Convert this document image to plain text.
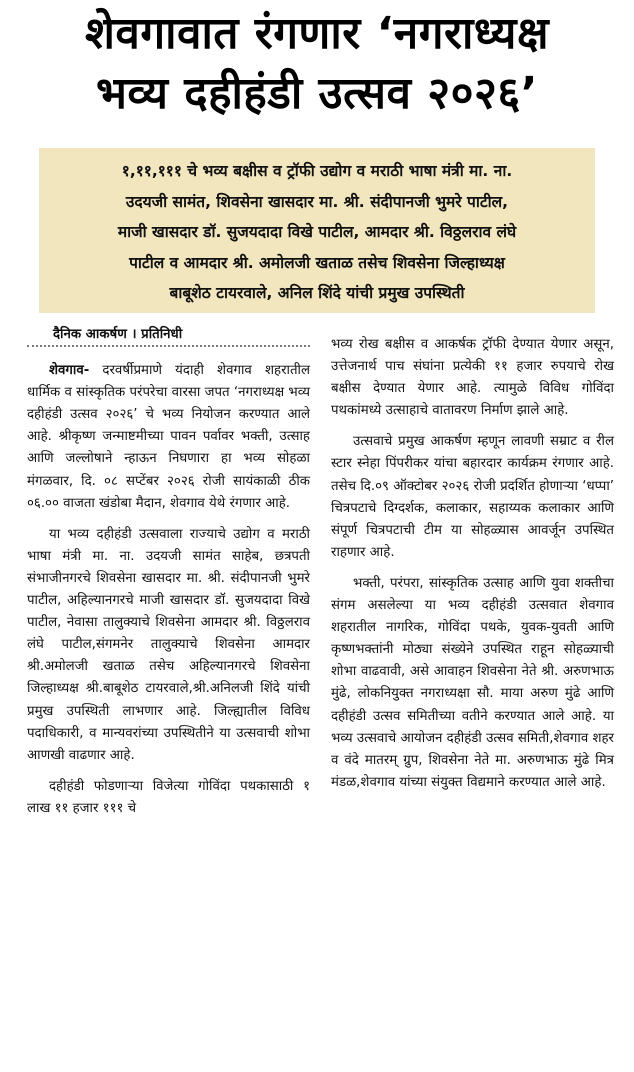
शेवगावात रंगणार ‘नगराध्यक्ष
भव्य दहीहंडी उत्सव २०२६’
१,११,१११ चे भव्य बक्षीस व ट्रॉफी उद्योग व मराठी भाषा मंत्री मा. ना.
उदयजी सामंत, शिवसेना खासदार मा. श्री. संदीपानजी भुमरे पाटील,
माजी खासदार डॉ. सुजयदादा विखे पाटील, आमदार श्री. विठ्ठलराव लंघे
पाटील व आमदार श्री. अमोलजी खताळ तसेच शिवसेना जिल्हाध्यक्ष
बाबूशेठ टायरवाले, अनिल शिंदे यांची प्रमुख उपस्थिती

दैनिक आकर्षण । प्रतिनिधी

शेवगाव- दरवर्षीप्रमाणे यंदाही शेवगाव शहरातील धार्मिक व सांस्कृतिक परंपरेचा वारसा जपत ‘नगराध्यक्ष भव्य दहीहंडी उत्सव २०२६’ चे भव्य नियोजन करण्यात आले आहे. श्रीकृष्ण जन्माष्टमीच्या पावन पर्वावर भक्ती, उत्साह आणि जल्लोषाने न्हाऊन निघणारा हा भव्य सोहळा मंगळवार, दि. ०८ सप्टेंबर २०२६ रोजी सायंकाळी ठीक ०६.०० वाजता खंडोबा मैदान, शेवगाव येथे रंगणार आहे.

या भव्य दहीहंडी उत्सवाला राज्याचे उद्योग व मराठी भाषा मंत्री मा. ना. उदयजी सामंत साहेब, छत्रपती संभाजीनगरचे शिवसेना खासदार मा. श्री. संदीपानजी भुमरे पाटील, अहिल्यानगरचे माजी खासदार डॉ. सुजयदादा विखे पाटील, नेवासा तालुक्याचे शिवसेना आमदार श्री. विठ्ठलराव लंघे पाटील,संगमनेर तालुक्याचे शिवसेना आमदार श्री.अमोलजी खताळ तसेच अहिल्यानगरचे शिवसेना जिल्हाध्यक्ष श्री.बाबूशेठ टायरवाले,श्री.अनिलजी शिंदे यांची प्रमुख उपस्थिती लाभणार आहे. जिल्ह्यातील विविध पदाधिकारी, व मान्यवरांच्या उपस्थितीने या उत्सवाची शोभा आणखी वाढणार आहे.

दहीहंडी फोडणाऱ्या विजेत्या गोविंदा पथकासाठी १ लाख ११ हजार १११ चे

भव्य रोख बक्षीस व आकर्षक ट्रॉफी देण्यात येणार असून, उत्तेजनार्थ पाच संघांना प्रत्येकी ११ हजार रुपयाचे रोख बक्षीस देण्यात येणार आहे. त्यामुळे विविध गोविंदा पथकांमध्ये उत्साहाचे वातावरण निर्माण झाले आहे.

उत्सवाचे प्रमुख आकर्षण म्हणून लावणी सम्राट व रील स्टार स्नेहा पिंपरीकर यांचा बहारदार कार्यक्रम रंगणार आहे. तसेच दि.०९ ऑक्टोबर २०२६ रोजी प्रदर्शित होणाऱ्या ‘धप्पा’ चित्रपटाचे दिग्दर्शक, कलाकार, सहाय्यक कलाकार आणि संपूर्ण चित्रपटाची टीम या सोहळ्यास आवर्जून उपस्थित राहणार आहे.

भक्ती, परंपरा, सांस्कृतिक उत्साह आणि युवा शक्तीचा संगम असलेल्या या भव्य दहीहंडी उत्सवात शेवगाव शहरातील नागरिक, गोविंदा पथके, युवक-युवती आणि कृष्णभक्तांनी मोठ्या संख्येने उपस्थित राहून सोहळ्याची शोभा वाढवावी, असे आवाहन शिवसेना नेते श्री. अरुणभाऊ मुंढे, लोकनियुक्त नगराध्यक्षा सौ. माया अरुण मुंढे आणि दहीहंडी उत्सव समितीच्या वतीने करण्यात आले आहे. या भव्य उत्सवाचे आयोजन दहीहंडी उत्सव समिती,शेवगाव शहर व वंदे मातरम् ग्रुप, शिवसेना नेते मा. अरुणभाऊ मुंढे मित्र मंडळ,शेवगाव यांच्या संयुक्त विद्यमाने करण्यात आले आहे.
